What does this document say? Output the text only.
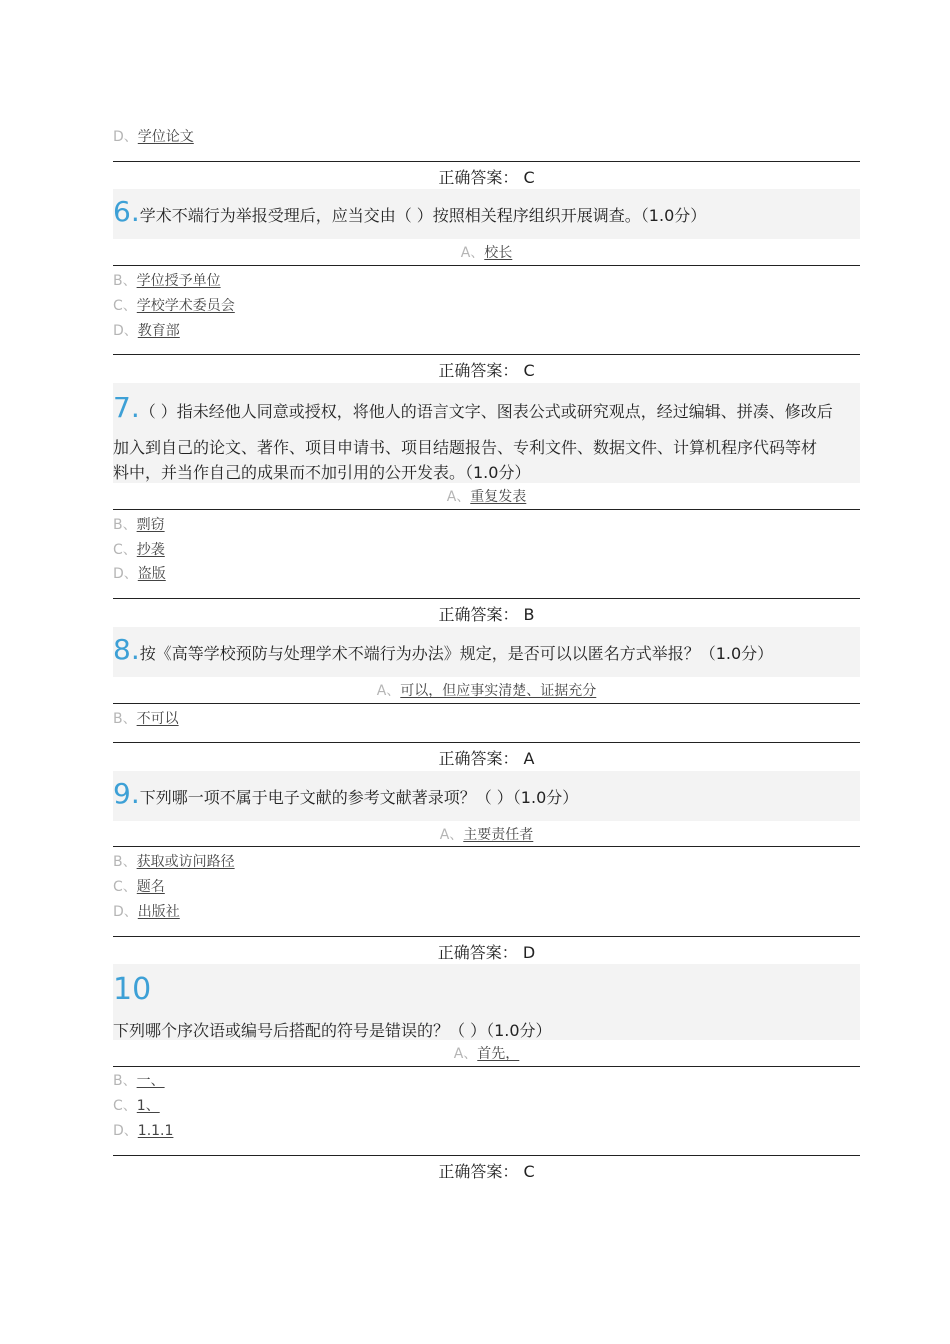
D、学位论文
正确答案： C
6.学术不端行为举报受理后，应当交由（ ）按照相关程序组织开展调查。（1.0分）
A、校长
B、学位授予单位
C、学校学术委员会
D、教育部
正确答案： C
7.（ ）指未经他人同意或授权，将他人的语言文字、图表公式或研究观点，经过编辑、拼凑、修改后
加入到自己的论文、著作、项目申请书、项目结题报告、专利文件、数据文件、计算机程序代码等材
料中，并当作自己的成果而不加引用的公开发表。（1.0分）
A、重复发表
B、剽窃
C、抄袭
D、盗版
正确答案： B
8.按《高等学校预防与处理学术不端行为办法》规定，是否可以以匿名方式举报？（1.0分）
A、可以，但应事实清楚、证据充分
B、不可以
正确答案： A
9.下列哪一项不属于电子文献的参考文献著录项？（ ）（1.0分）
A、主要责任者
B、获取或访问路径
C、题名
D、出版社
正确答案： D
10
下列哪个序次语或编号后搭配的符号是错误的？（ ）（1.0分）
A、首先，
B、一、
C、1、
D、1.1.1
正确答案： C
